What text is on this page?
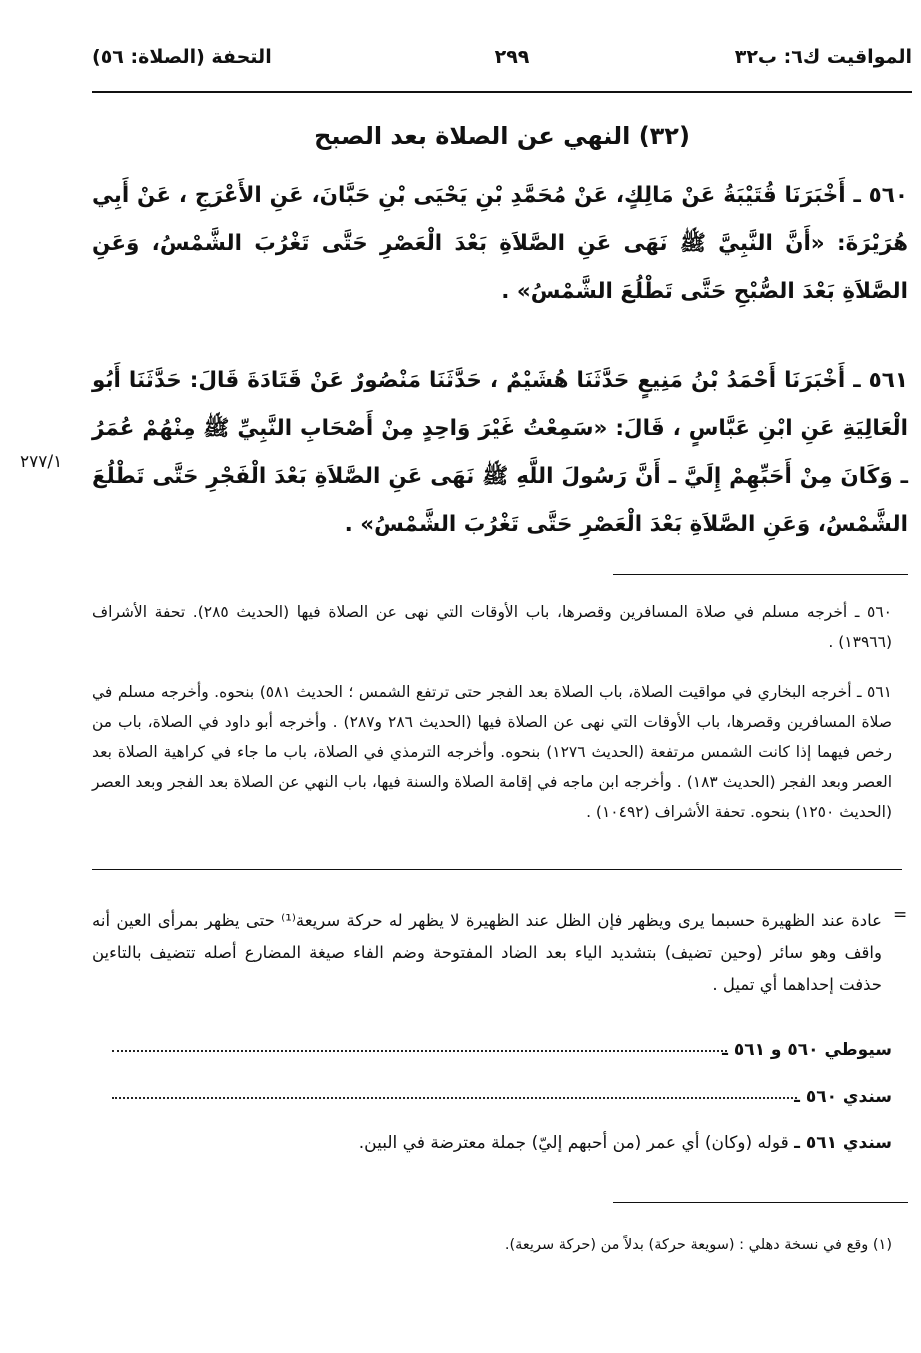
المواقيت ك٦: ب٣٢
٢٩٩
التحفة (الصلاة: ٥٦)
(٣٢) النهي عن الصلاة بعد الصبح

٥٦٠ ـ أَخْبَرَنَا قُتَيْبَةُ عَنْ مَالِكٍ، عَنْ مُحَمَّدِ بْنِ يَحْيَى بْنِ حَبَّانَ، عَنِ الأَعْرَجِ ، عَنْ أَبِي هُرَيْرَةَ: «أَنَّ النَّبِيَّ ﷺ نَهَى عَنِ الصَّلاَةِ بَعْدَ الْعَصْرِ حَتَّى تَغْرُبَ الشَّمْسُ، وَعَنِ الصَّلاَةِ بَعْدَ الصُّبْحِ حَتَّى تَطْلُعَ الشَّمْسُ» .

٥٦١ ـ أَخْبَرَنَا أَحْمَدُ بْنُ مَنِيعٍ حَدَّثَنَا هُشَيْمٌ ، حَدَّثَنَا مَنْصُورٌ عَنْ قَتَادَةَ قَالَ: حَدَّثَنَا أَبُو الْعَالِيَةِ عَنِ ابْنِ عَبَّاسٍ ، قَالَ: «سَمِعْتُ غَيْرَ وَاحِدٍ مِنْ أَصْحَابِ النَّبِيِّ ﷺ مِنْهُمْ عُمَرُ ـ وَكَانَ مِنْ أَحَبِّهِمْ إِلَيَّ ـ أَنَّ رَسُولَ اللَّهِ ﷺ نَهَى عَنِ الصَّلاَةِ بَعْدَ الْفَجْرِ حَتَّى تَطْلُعَ الشَّمْسُ، وَعَنِ الصَّلاَةِ بَعْدَ الْعَصْرِ حَتَّى تَغْرُبَ الشَّمْسُ» .

٢٧٧/١

٥٦٠ ـ أخرجه مسلم في صلاة المسافرين وقصرها، باب الأوقات التي نهى عن الصلاة فيها (الحديث ٢٨٥). تحفة الأشراف (١٣٩٦٦) .

٥٦١ ـ أخرجه البخاري في مواقيت الصلاة، باب الصلاة بعد الفجر حتى ترتفع الشمس ؛ الحديث ٥٨١) بنحوه. وأخرجه مسلم في صلاة المسافرين وقصرها، باب الأوقات التي نهى عن الصلاة فيها (الحديث ٢٨٦ و٢٨٧) . وأخرجه أبو داود في الصلاة، باب من رخص فيهما إذا كانت الشمس مرتفعة (الحديث ١٢٧٦) بنحوه. وأخرجه الترمذي في الصلاة، باب ما جاء في كراهية الصلاة بعد العصر وبعد الفجر (الحديث ١٨٣) . وأخرجه ابن ماجه في إقامة الصلاة والسنة فيها، باب النهي عن الصلاة بعد الفجر وبعد العصر (الحديث ١٢٥٠) بنحوه. تحفة الأشراف (١٠٤٩٢) .

=

عادة عند الظهيرة حسبما يرى ويظهر فإن الظل عند الظهيرة لا يظهر له حركة سريعة⁽¹⁾ حتى يظهر بمرأى العين أنه واقف وهو سائر (وحين تضيف) بتشديد الياء بعد الضاد المفتوحة وضم الفاء صيغة المضارع أصله تتضيف بالتاءين حذفت إحداهما أي تميل .

سيوطي ٥٦٠ و ٥٦١ ـ
سندي ٥٦٠ ـ
سندي ٥٦١ ـ قوله (وكان) أي عمر (من أحبهم إليّ) جملة معترضة في البين.
(١) وقع في نسخة دهلي : (سويعة حركة) بدلاً من (حركة سريعة).
